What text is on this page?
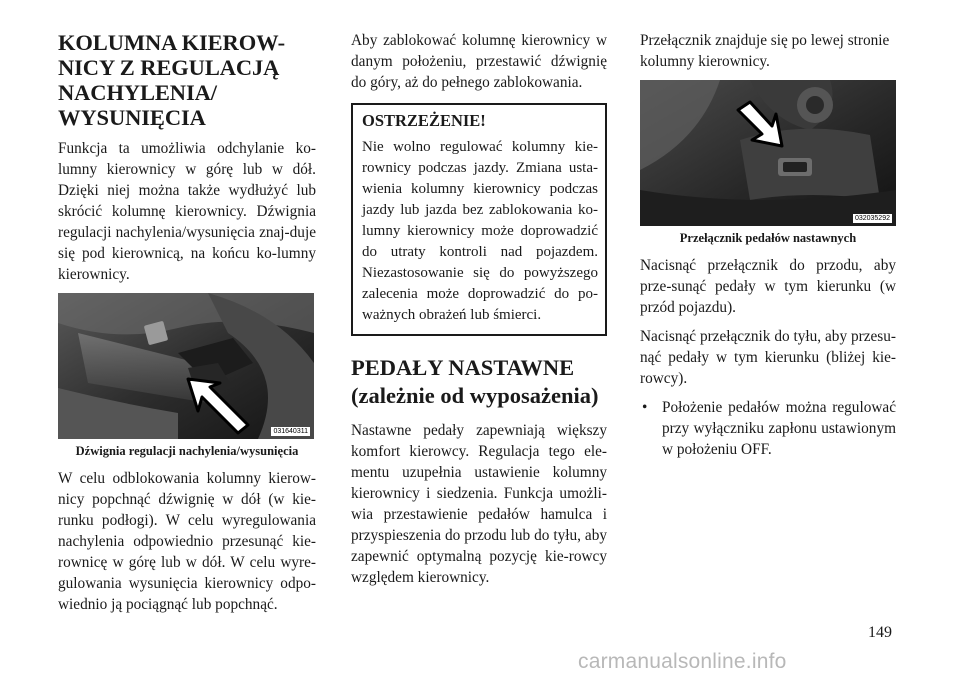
KOLUMNA KIEROW-
NICY Z REGULACJĄ
NACHYLENIA/
WYSUNIĘCIA

Funkcja ta umożliwia odchylanie ko-lumny kierownicy w górę lub w dół. Dzięki niej można także wydłużyć lub skrócić kolumnę kierownicy. Dźwignia regulacji nachylenia/wysunięcia znaj-duje się pod kierownicą, na końcu ko-lumny kierownicy.

031640311
Dźwignia regulacji nachylenia/wysunięcia

W celu odblokowania kolumny kierow-nicy popchnąć dźwignię w dół (w kie-runku podłogi). W celu wyregulowania nachylenia odpowiednio przesunąć kie-rownicę w górę lub w dół. W celu wyre-gulowania wysunięcia kierownicy odpo-wiednio ją pociągnąć lub popchnąć.

Aby zablokować kolumnę kierownicy w danym położeniu, przestawić dźwignię do góry, aż do pełnego zablokowania.

OSTRZEŻENIE!

Nie wolno regulować kolumny kie-rownicy podczas jazdy. Zmiana usta-wienia kolumny kierownicy podczas jazdy lub jazda bez zablokowania ko-lumny kierownicy może doprowadzić do utraty kontroli nad pojazdem. Niezastosowanie się do powyższego zalecenia może doprowadzić do po-ważnych obrażeń lub śmierci.

PEDAŁY NASTAWNE
(zależnie od wyposażenia)

Nastawne pedały zapewniają większy komfort kierowcy. Regulacja tego ele-mentu uzupełnia ustawienie kolumny kierownicy i siedzenia. Funkcja umożli-wia przestawienie pedałów hamulca i przyspieszenia do przodu lub do tyłu, aby zapewnić optymalną pozycję kie-rowcy względem kierownicy.

Przełącznik znajduje się po lewej stronie kolumny kierownicy.

032035292
Przełącznik pedałów nastawnych

Nacisnąć przełącznik do przodu, aby prze-sunąć pedały w tym kierunku (w przód pojazdu).

Nacisnąć przełącznik do tyłu, aby przesu-nąć pedały w tym kierunku (bliżej kie-rowcy).

• Położenie pedałów można regulować przy wyłączniku zapłonu ustawionym w położeniu OFF.
149
carmanualsonline.info
